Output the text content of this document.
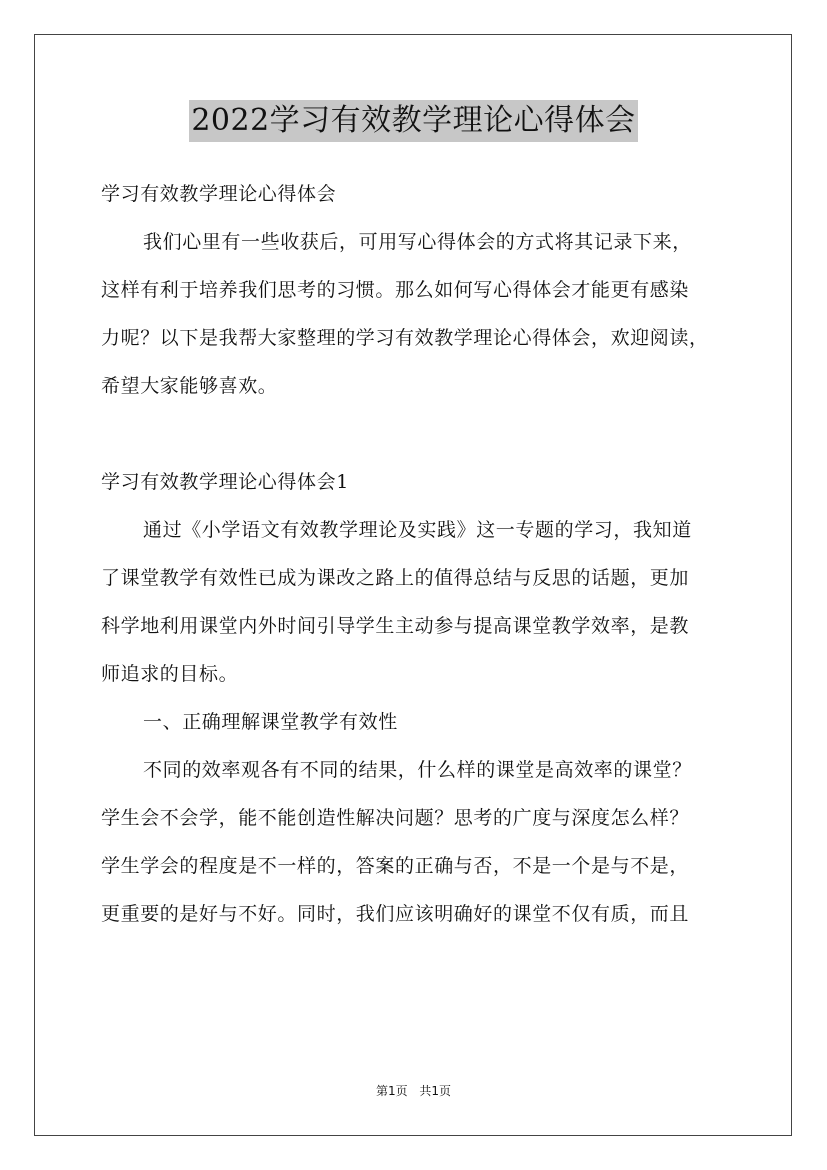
2022学习有效教学理论心得体会
学习有效教学理论心得体会
我们心里有一些收获后，可用写心得体会的方式将其记录下来，
这样有利于培养我们思考的习惯。那么如何写心得体会才能更有感染
力呢？以下是我帮大家整理的学习有效教学理论心得体会，欢迎阅读，
希望大家能够喜欢。
学习有效教学理论心得体会1
通过《小学语文有效教学理论及实践》这一专题的学习，我知道
了课堂教学有效性已成为课改之路上的值得总结与反思的话题，更加
科学地利用课堂内外时间引导学生主动参与提高课堂教学效率，是教
师追求的目标。
一、正确理解课堂教学有效性
不同的效率观各有不同的结果，什么样的课堂是高效率的课堂？
学生会不会学，能不能创造性解决问题？思考的广度与深度怎么样？
学生学会的程度是不一样的，答案的正确与否，不是一个是与不是，
更重要的是好与不好。同时，我们应该明确好的课堂不仅有质，而且
第1页 共1页
